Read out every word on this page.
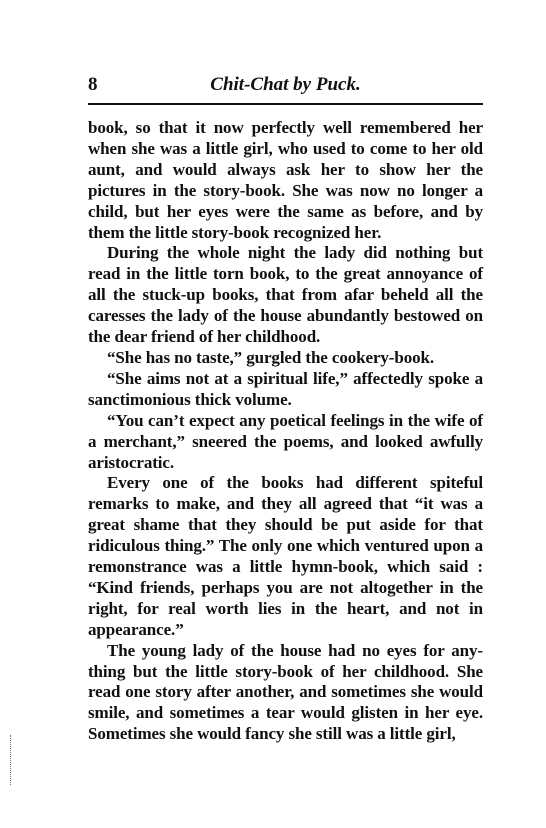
8	Chit-Chat by Puck.

book, so that it now perfectly well remembered her when she was a little girl, who used to come to her old aunt, and would always ask her to show her the pictures in the story-book. She was now no longer a child, but her eyes were the same as before, and by them the little story-book recognized her.

During the whole night the lady did nothing but read in the little torn book, to the great annoyance of all the stuck-up books, that from afar beheld all the caresses the lady of the house abundantly bestowed on the dear friend of her childhood.

“She has no taste,” gurgled the cookery-book.

“She aims not at a spiritual life,” affectedly spoke a sanctimonious thick volume.

“You can’t expect any poetical feelings in the wife of a merchant,” sneered the poems, and looked awfully aristocratic.

Every one of the books had different spiteful remarks to make, and they all agreed that “it was a great shame that they should be put aside for that ridiculous thing.” The only one which ventured upon a remonstrance was a little hymn-book, which said : “Kind friends, perhaps you are not altogether in the right, for real worth lies in the heart, and not in appearance.”

The young lady of the house had no eyes for any-thing but the little story-book of her childhood. She read one story after another, and sometimes she would smile, and sometimes a tear would glisten in her eye. Sometimes she would fancy she still was a little girl,
